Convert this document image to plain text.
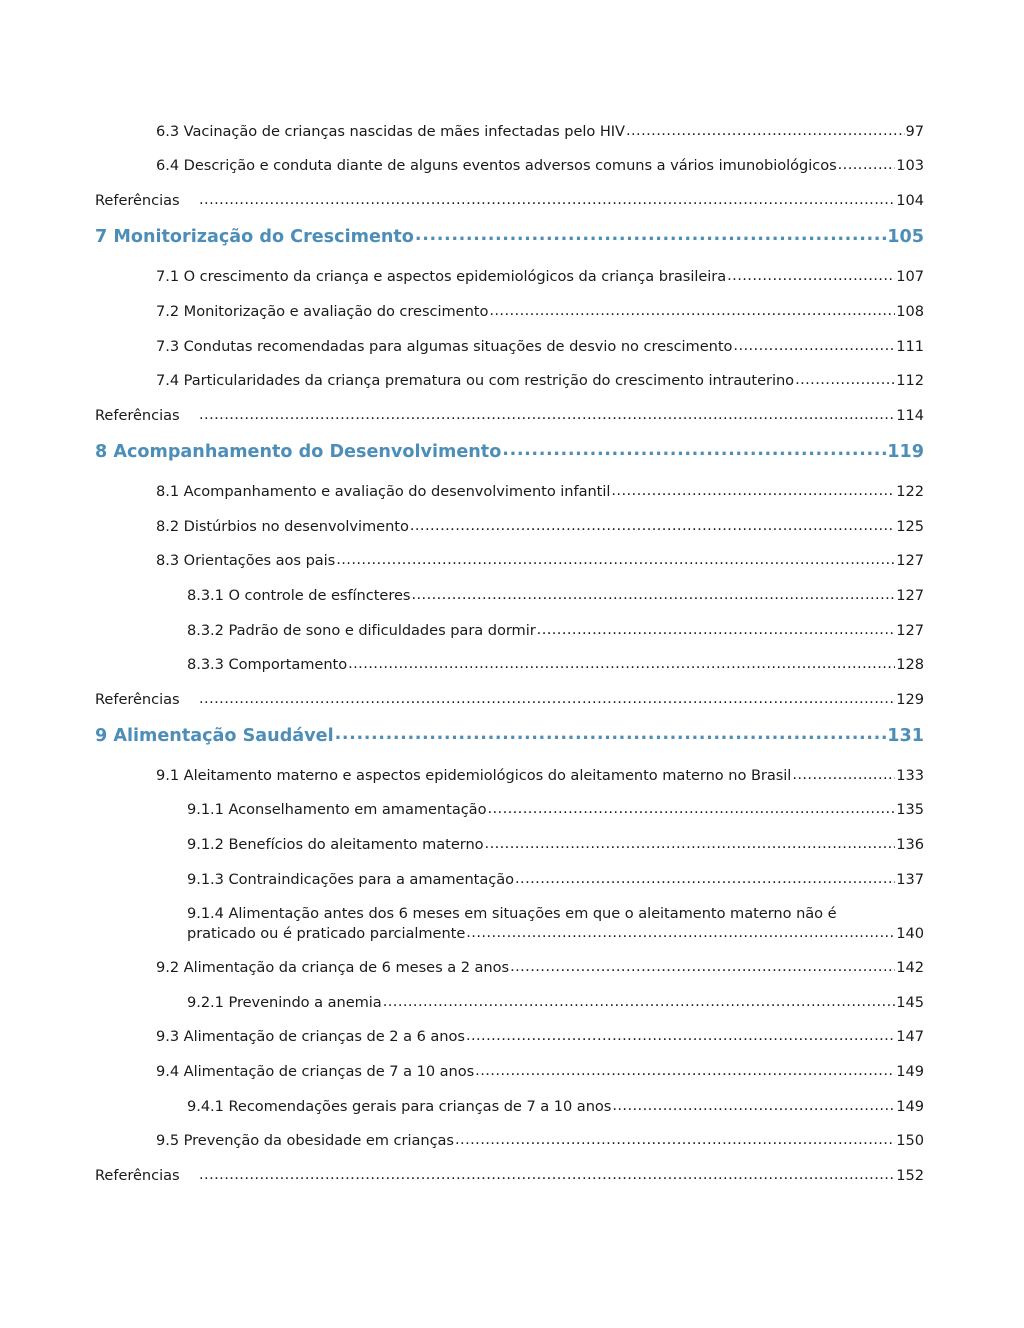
6.3 Vacinação de crianças nascidas de mães infectadas pelo HIV .....	97
6.4 Descrição e conduta diante de alguns eventos adversos comuns a vários imunobiológicos .....	103
Referências .....	104
7 Monitorização do Crescimento .....	105
7.1 O crescimento da criança e aspectos epidemiológicos da criança brasileira .....	107
7.2 Monitorização e avaliação do crescimento .....	108
7.3 Condutas recomendadas para algumas situações de desvio no crescimento .....	111
7.4 Particularidades da criança prematura ou com restrição do crescimento intrauterino .....	112
Referências .....	114
8 Acompanhamento do Desenvolvimento .....	119
8.1 Acompanhamento e avaliação do desenvolvimento infantil .....	122
8.2 Distúrbios no desenvolvimento .....	125
8.3 Orientações aos pais .....	127
8.3.1 O controle de esfíncteres .....	127
8.3.2 Padrão de sono e dificuldades para dormir .....	127
8.3.3 Comportamento .....	128
Referências .....	129
9 Alimentação Saudável .....	131
9.1 Aleitamento materno e aspectos epidemiológicos do aleitamento materno no Brasil .....	133
9.1.1 Aconselhamento em amamentação .....	135
9.1.2 Benefícios do aleitamento materno .....	136
9.1.3 Contraindicações para a amamentação .....	137
9.1.4 Alimentação antes dos 6 meses em situações em que o aleitamento materno não é
praticado ou é praticado parcialmente .....	140
9.2 Alimentação da criança de 6 meses a 2 anos .....	142
9.2.1 Prevenindo a anemia .....	145
9.3 Alimentação de crianças de 2 a 6 anos .....	147
9.4 Alimentação de crianças de 7 a 10 anos .....	149
9.4.1 Recomendações gerais para crianças de 7 a 10 anos .....	149
9.5 Prevenção da obesidade em crianças .....	150
Referências .....	152
